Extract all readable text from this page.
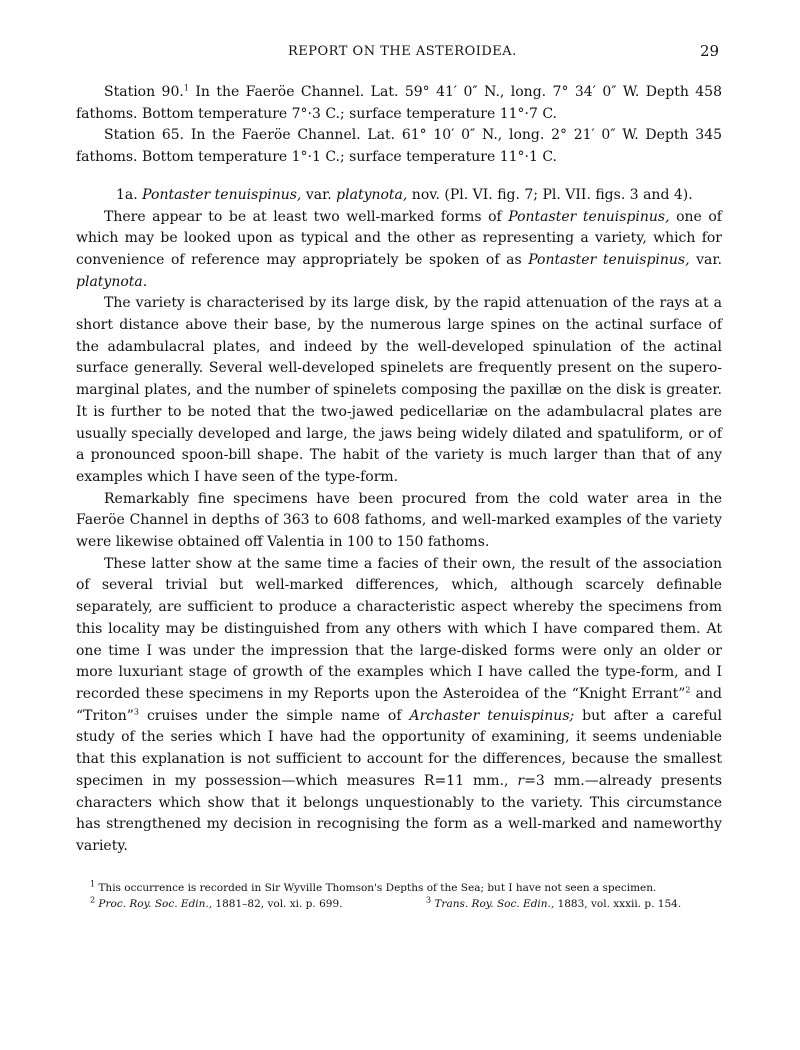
REPORT ON THE ASTEROIDEA.	29

Station 90.$^1$ In the Faeröe Channel. Lat. 59° 41′ 0″ N., long. 7° 34′ 0″ W. Depth 458 fathoms. Bottom temperature 7°·3 C.; surface temperature 11°·7 C.

Station 65. In the Faeröe Channel. Lat. 61° 10′ 0″ N., long. 2° 21′ 0″ W. Depth 345 fathoms. Bottom temperature 1°·1 C.; surface temperature 11°·1 C.

1a. Pontaster tenuispinus, var. platynota, nov. (Pl. VI. fig. 7; Pl. VII. figs. 3 and 4).

There appear to be at least two well-marked forms of Pontaster tenuispinus, one of which may be looked upon as typical and the other as representing a variety, which for convenience of reference may appropriately be spoken of as Pontaster tenuispinus, var. platynota.

The variety is characterised by its large disk, by the rapid attenuation of the rays at a short distance above their base, by the numerous large spines on the actinal surface of the adambulacral plates, and indeed by the well-developed spinulation of the actinal surface generally. Several well-developed spinelets are frequently present on the supero-marginal plates, and the number of spinelets composing the paxillæ on the disk is greater. It is further to be noted that the two-jawed pedicellariæ on the adambulacral plates are usually specially developed and large, the jaws being widely dilated and spatuliform, or of a pronounced spoon-bill shape. The habit of the variety is much larger than that of any examples which I have seen of the type-form.

Remarkably fine specimens have been procured from the cold water area in the Faeröe Channel in depths of 363 to 608 fathoms, and well-marked examples of the variety were likewise obtained off Valentia in 100 to 150 fathoms.

These latter show at the same time a facies of their own, the result of the association of several trivial but well-marked differences, which, although scarcely definable separately, are sufficient to produce a characteristic aspect whereby the specimens from this locality may be distinguished from any others with which I have compared them. At one time I was under the impression that the large-disked forms were only an older or more luxuriant stage of growth of the examples which I have called the type-form, and I recorded these specimens in my Reports upon the Asteroidea of the “Knight Errant”$^2$ and “Triton”$^3$ cruises under the simple name of Archaster tenuispinus; but after a careful study of the series which I have had the opportunity of examining, it seems undeniable that this explanation is not sufficient to account for the differences, because the smallest specimen in my possession—which measures R=11 mm., r=3 mm.—already presents characters which show that it belongs unquestionably to the variety. This circumstance has strengthened my decision in recognising the form as a well-marked and nameworthy variety.

$^1$ This occurrence is recorded in Sir Wyville Thomson's Depths of the Sea; but I have not seen a specimen.

$^2$ Proc. Roy. Soc. Edin., 1881–82, vol. xi. p. 699.	$^3$ Trans. Roy. Soc. Edin., 1883, vol. xxxii. p. 154.
